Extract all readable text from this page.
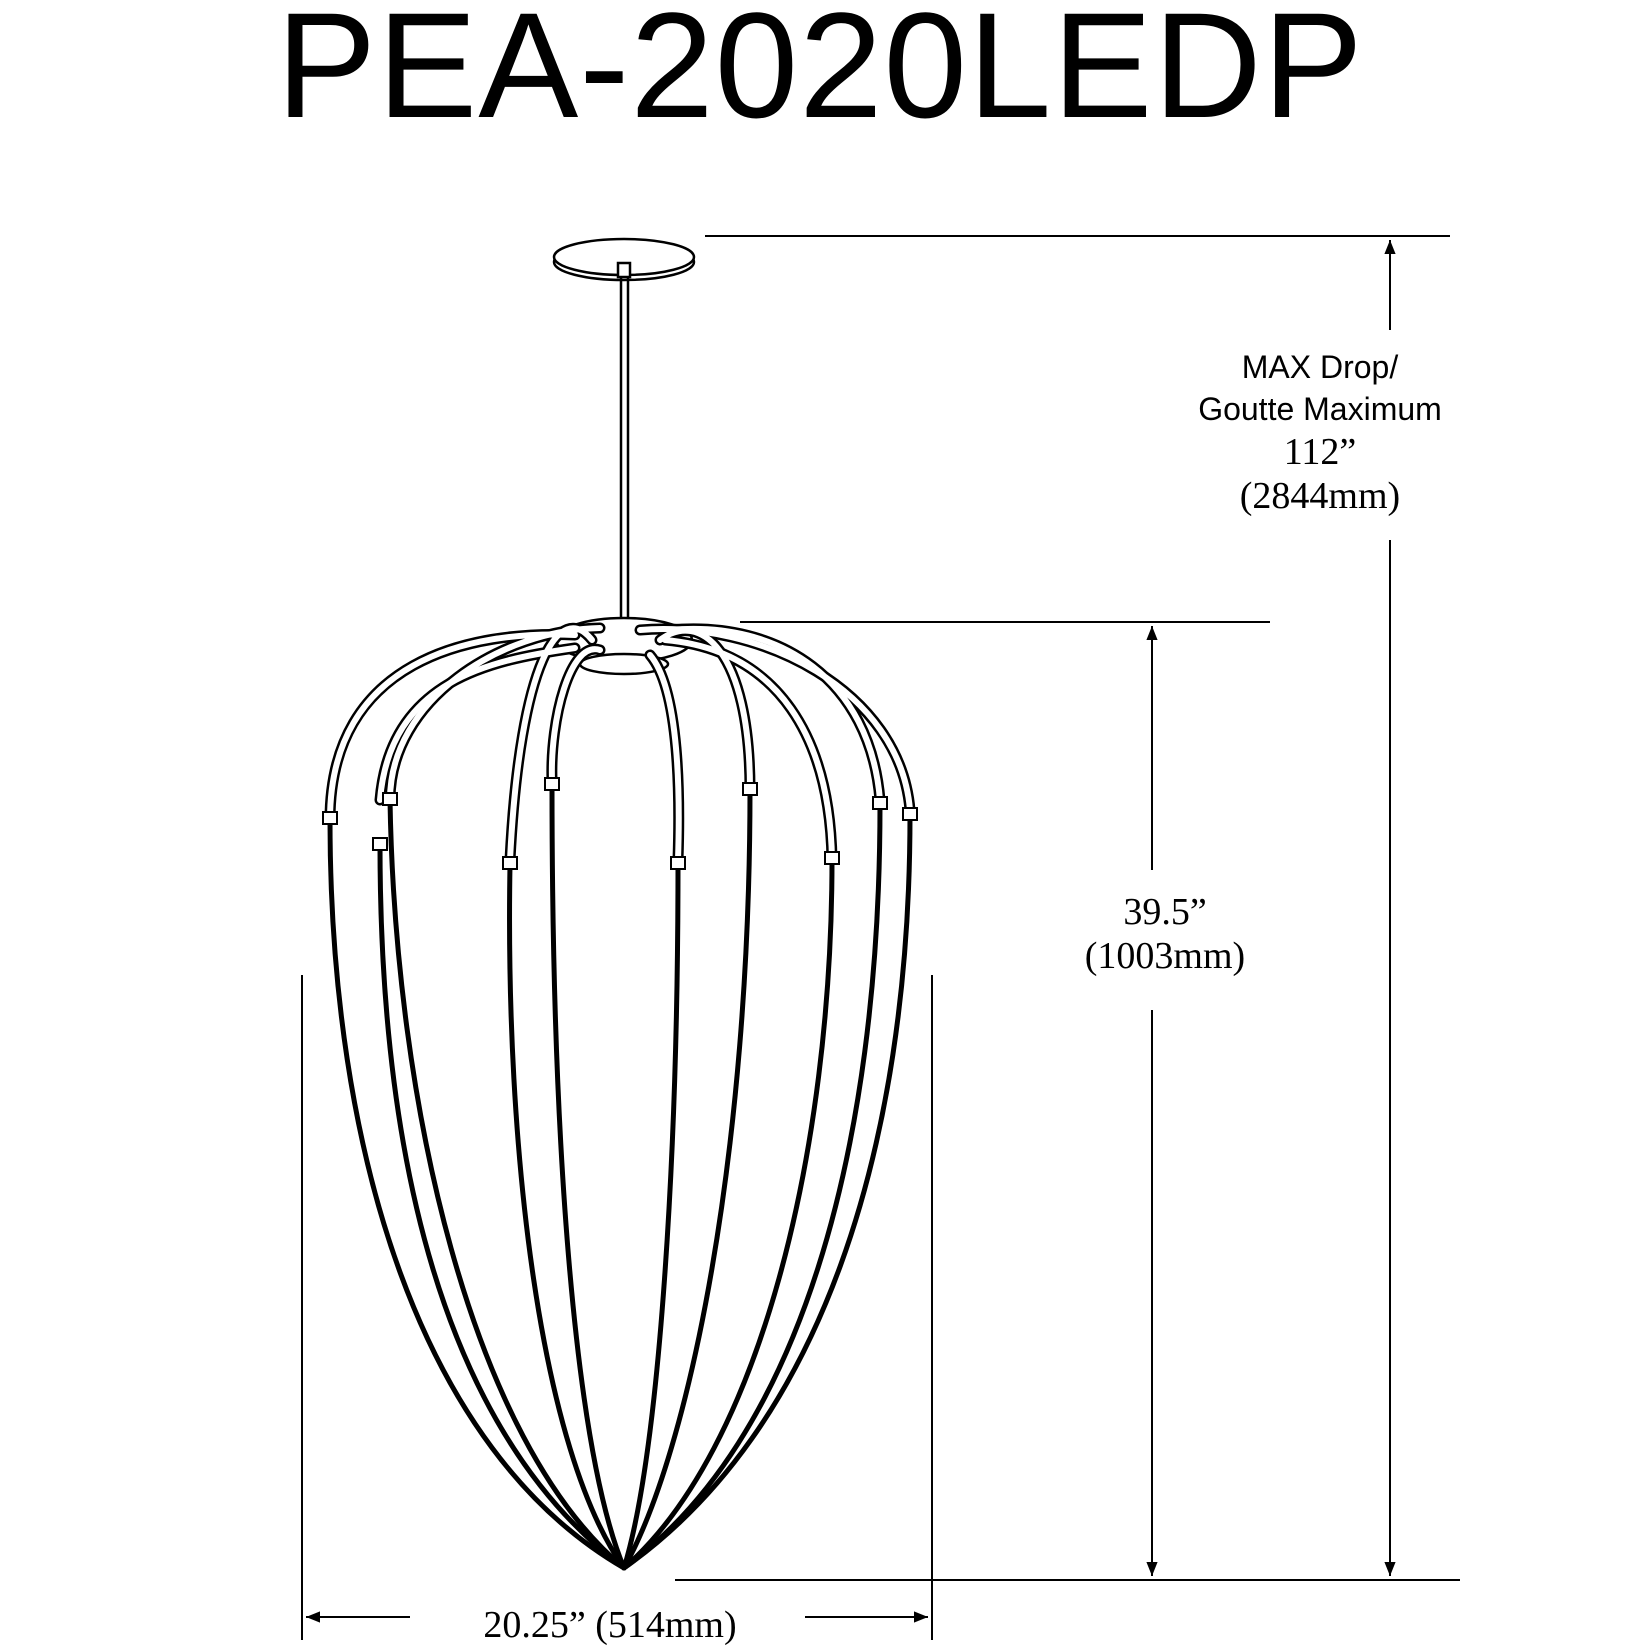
PEA-2020LEDP
MAX Drop/
Goutte Maximum
112”
(2844mm)
39.5”
(1003mm)
20.25” (514mm)
